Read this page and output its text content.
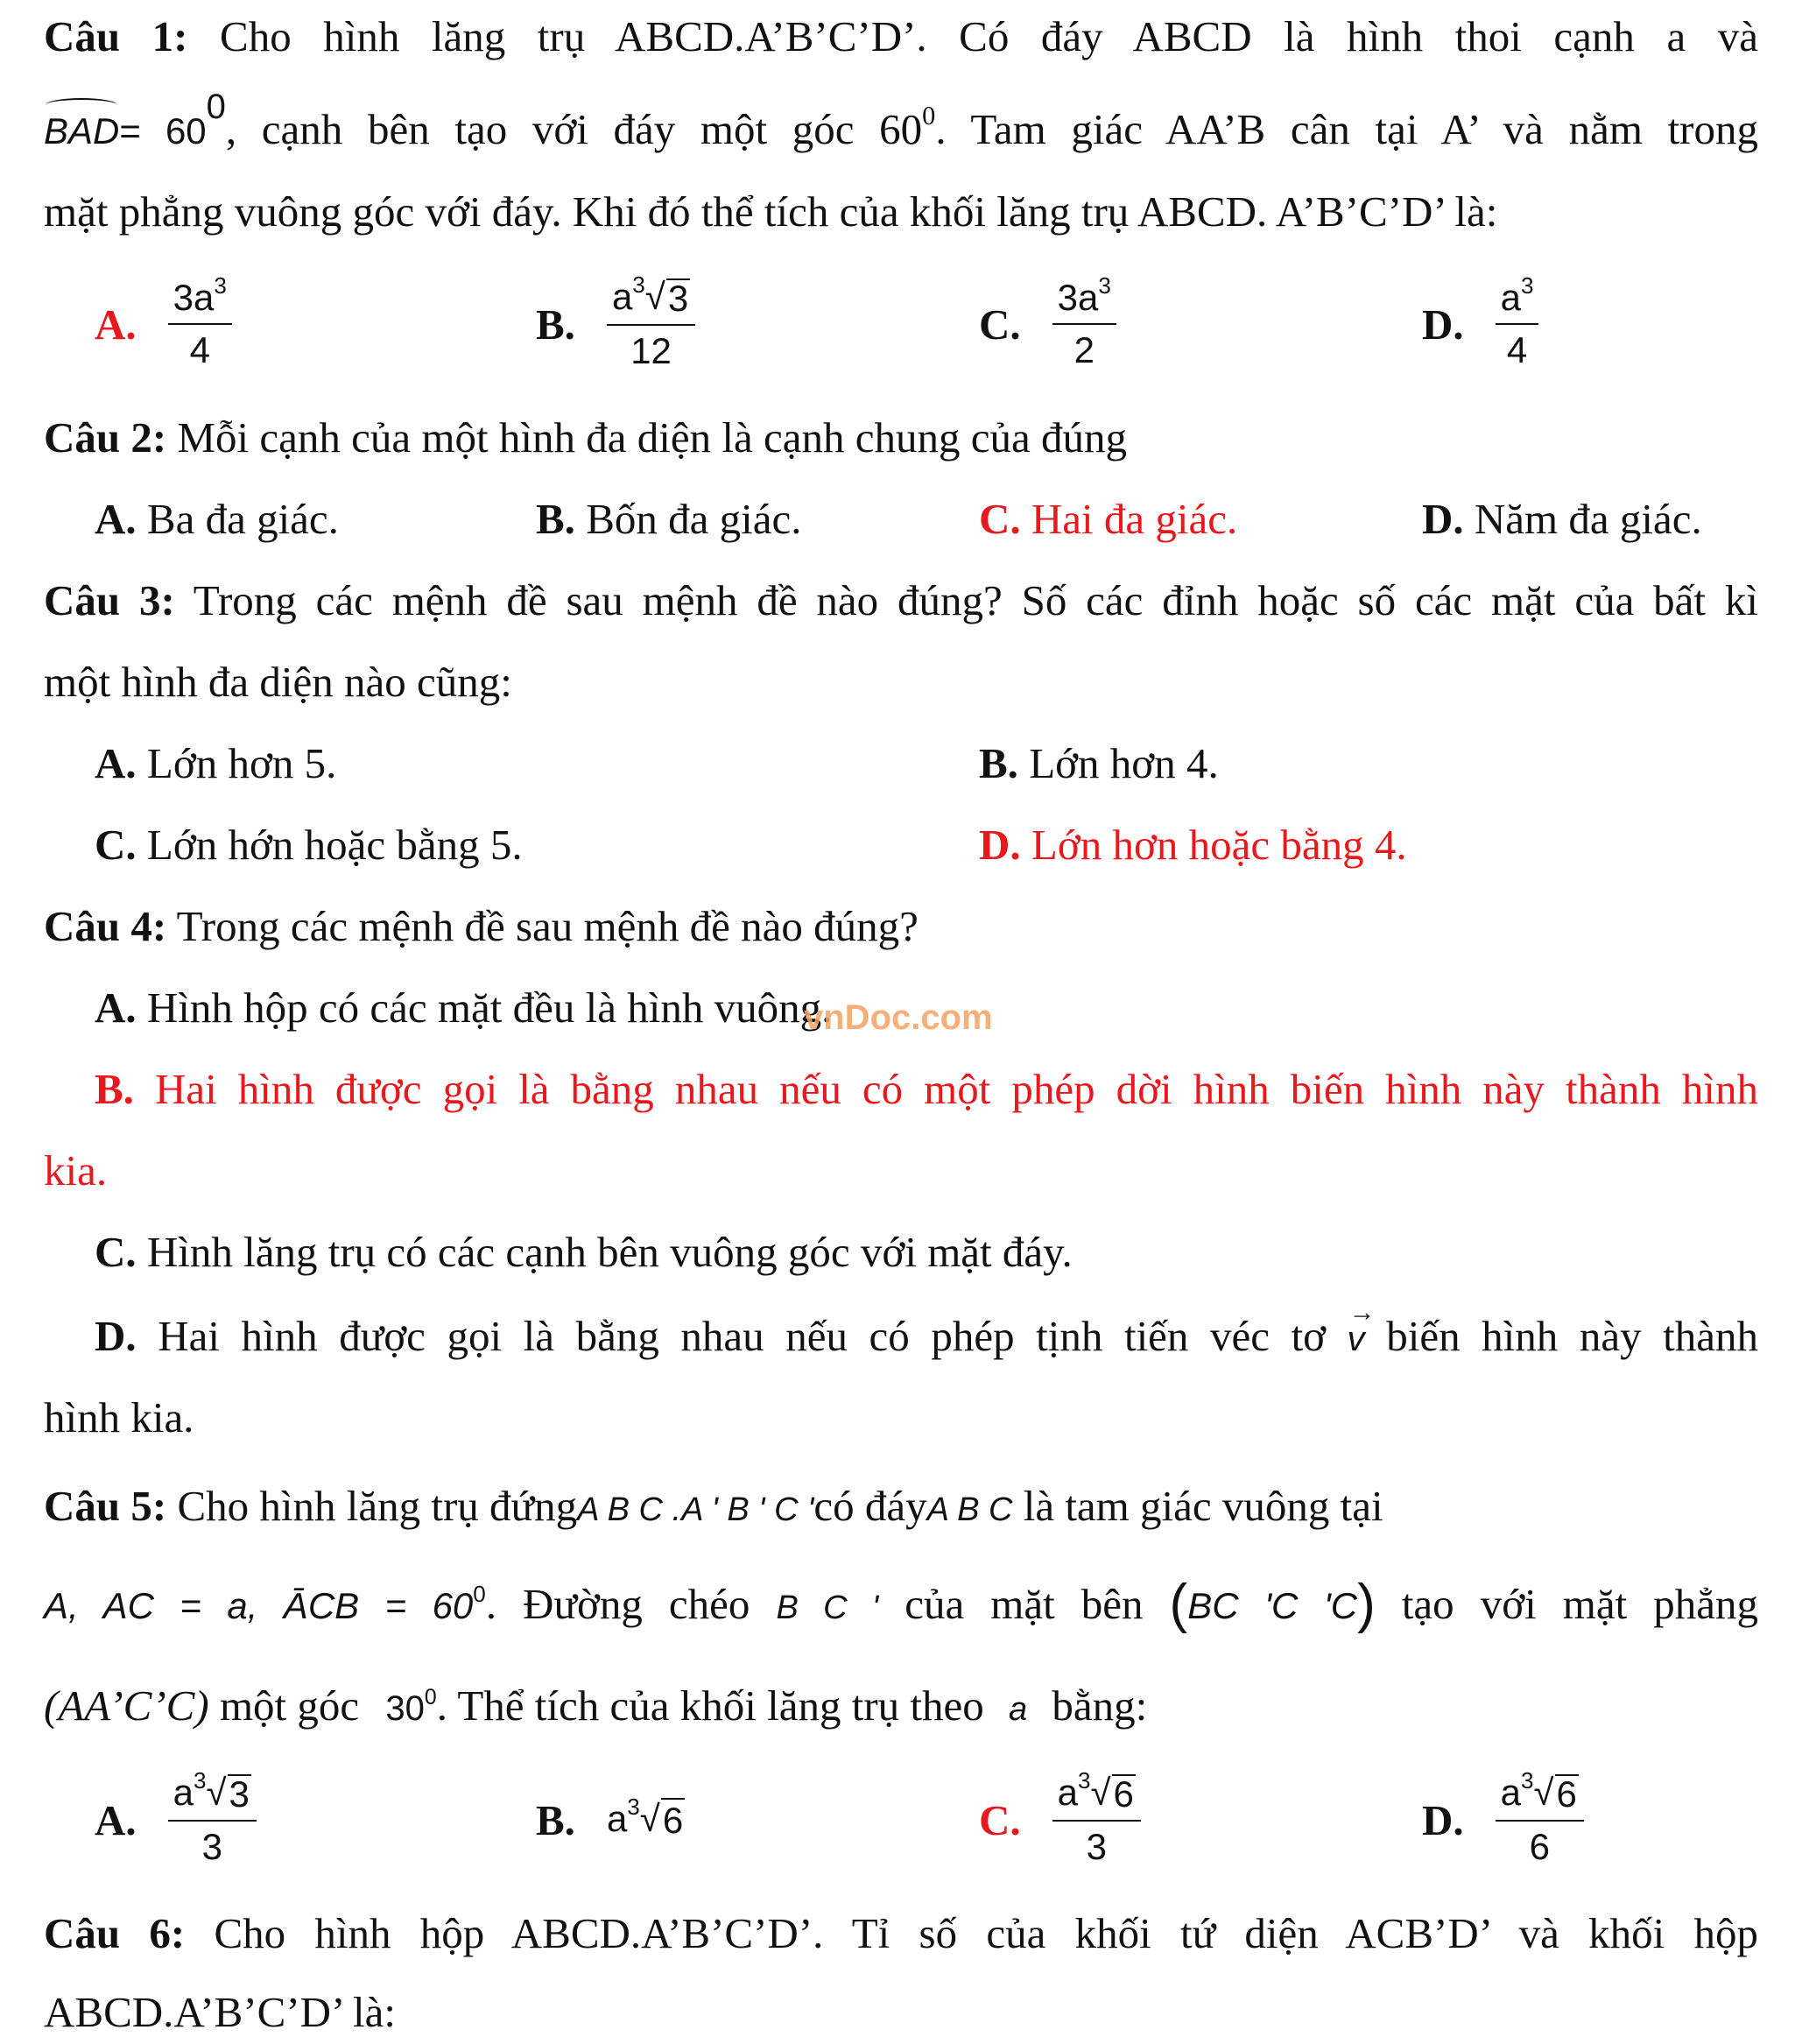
Câu 1: Cho hình lăng trụ ABCD.A’B’C’D’. Có đáy ABCD là hình thoi cạnh a và
$BAD= 60^0$, cạnh bên tạo với đáy một góc $60^0$. Tam giác AA’B cân tại A’ và nằm trong
mặt phẳng vuông góc với đáy. Khi đó thể tích của khối lăng trụ ABCD. A’B’C’D’ là:
A. $\frac{3a^3}{4}$	B. $\frac{a^3√ 3}{12}$	C. $\frac{3a^3}{2}$	D. $\frac{a^3}{4}$
Câu 2: Mỗi cạnh của một hình đa diện là cạnh chung của đúng
A. Ba đa giác.	B. Bốn đa giác.	C. Hai đa giác.	D. Năm đa giác.
Câu 3: Trong các mệnh đề sau mệnh đề nào đúng? Số các đỉnh hoặc số các mặt của bất kì
một hình đa diện nào cũng:
A. Lớn hơn 5.	B. Lớn hơn 4.
C. Lớn hớn hoặc bằng 5.	D. Lớn hơn hoặc bằng 4.
Câu 4: Trong các mệnh đề sau mệnh đề nào đúng?
A. Hình hộp có các mặt đều là hình vuông.
vnDoc.com
B. Hai hình được gọi là bằng nhau nếu có một phép dời hình biến hình này thành hình
kia.
C. Hình lăng trụ có các cạnh bên vuông góc với mặt đáy.
D. Hai hình được gọi là bằng nhau nếu có phép tịnh tiến véc tơ → v biến hình này thành
hình kia.
Câu 5: Cho hình lăng trụ đứngA B C .A ' B ' C 'có đáyA B C là tam giác vuông tại
A, AC = a, ĀCB = $60^0$. Đường chéo B C ' của mặt bên (BC 'C 'C) tạo với mặt phẳng
(AA’C’C) một góc $30^0$. Thể tích của khối lăng trụ theo a bằng:
A. $\frac{a^3√ 3}{3}$	B. $a^3√$ 6	C. $\frac{a^3√ 6}{3}$	D. $\frac{a^3√ 6}{6}$
Câu 6: Cho hình hộp ABCD.A’B’C’D’. Tỉ số của khối tứ diện ACB’D’ và khối hộp
ABCD.A’B’C’D’ là:
